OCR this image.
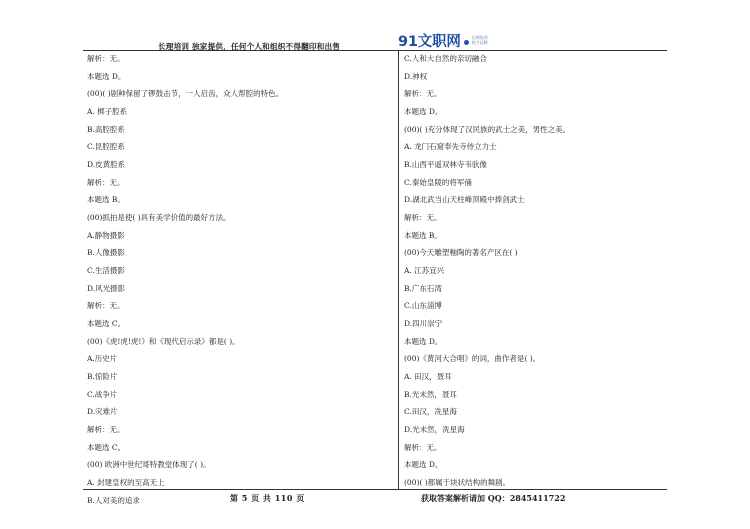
长理培训 独家提供，任何个人和组织不得翻印和出售	91文职网	长期培训
致力品牌
解析：无。
本题选 D。
(00)( )剧种保留了锣鼓击节，一人启齿，众人帮腔的特色。
A. 梆子腔系
B.高腔腔系
C.昆腔腔系
D.皮黄腔系
解析：无。
本题选 B。
(00)抓拍是使( )具有美学价值的最好方法。
A.静物摄影
B.人像摄影
C.生活摄影
D.风光摄影
解析：无。
本题选 C。
(00)《虎!虎!虎!》和《现代启示录》都是( )。
A.历史片
B.惊险片
C.战争片
D.灾难片
解析：无。
本题选 C。
(00) 欧洲中世纪哥特教堂体现了( )。
A. 封建皇权的至高无上
B.人对美的追求
C.人和大自然的亲切融合
D.神权
解析：无。
本题选 D。
(00)( )充分体现了汉民族的武士之美，男性之美。
A. 龙门石窟奉先寺侍立力士
B.山西平遥双林寺韦驮像
C.秦始皇陵的将军俑
D.湖北武当山天柱峰顶殿中捧剑武士
解析：无。
本题选 B。
(00)今天雕塑釉陶的著名产区在( )
A. 江苏宜兴
B.广东石湾
C.山东淄博
D.四川崇宁
本题选 D。
(00)《黄河大合唱》的词，曲作者是( )。
A. 田汉，聂耳
B.光未然，聂耳
C.田汉，冼星海
D.光未然，冼星海
解析：无。
本题选 D。
(00)( )都属于块状结构的舞剧。
第 5 页 共 110 页	获取答案解析请加 QQ：2845411722
